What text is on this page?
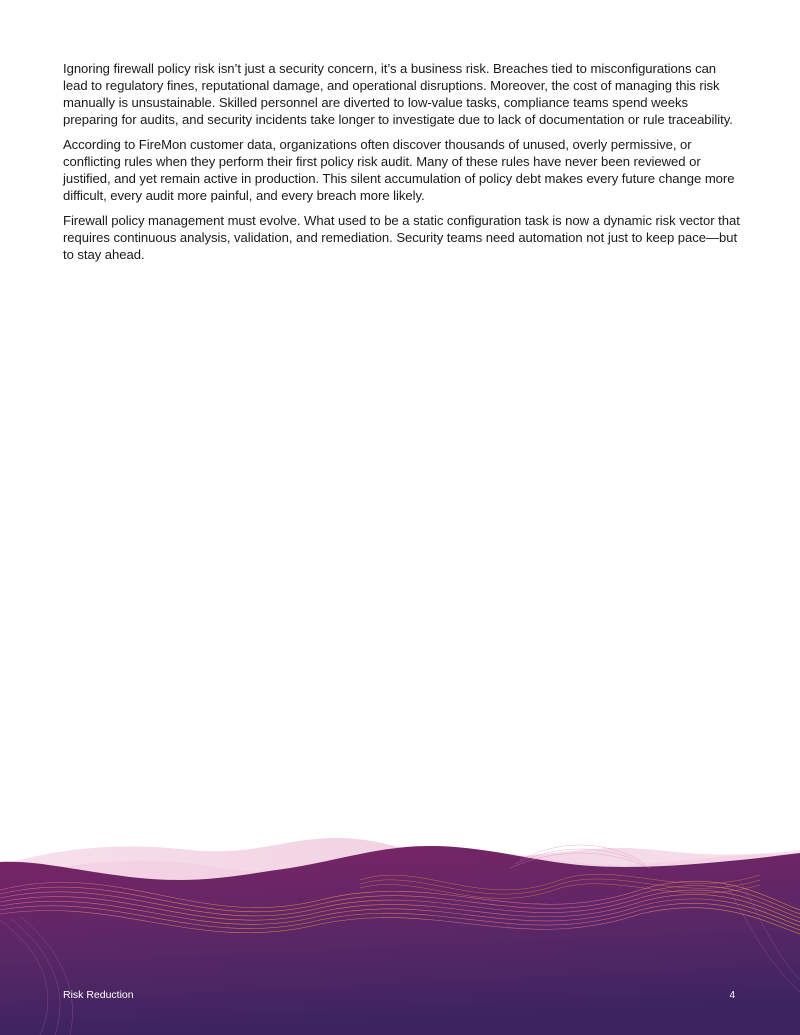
Ignoring firewall policy risk isn’t just a security concern, it’s a business risk. Breaches tied to misconfigurations can lead to regulatory fines, reputational damage, and operational disruptions. Moreover, the cost of managing this risk manually is unsustainable. Skilled personnel are diverted to low-value tasks, compliance teams spend weeks preparing for audits, and security incidents take longer to investigate due to lack of documentation or rule traceability.

According to FireMon customer data, organizations often discover thousands of unused, overly permissive, or conflicting rules when they perform their first policy risk audit. Many of these rules have never been reviewed or justified, and yet remain active in production. This silent accumulation of policy debt makes every future change more difficult, every audit more painful, and every breach more likely.

Firewall policy management must evolve. What used to be a static configuration task is now a dynamic risk vector that requires continuous analysis, validation, and remediation. Security teams need automation not just to keep pace—but to stay ahead.

Risk Reduction	4
